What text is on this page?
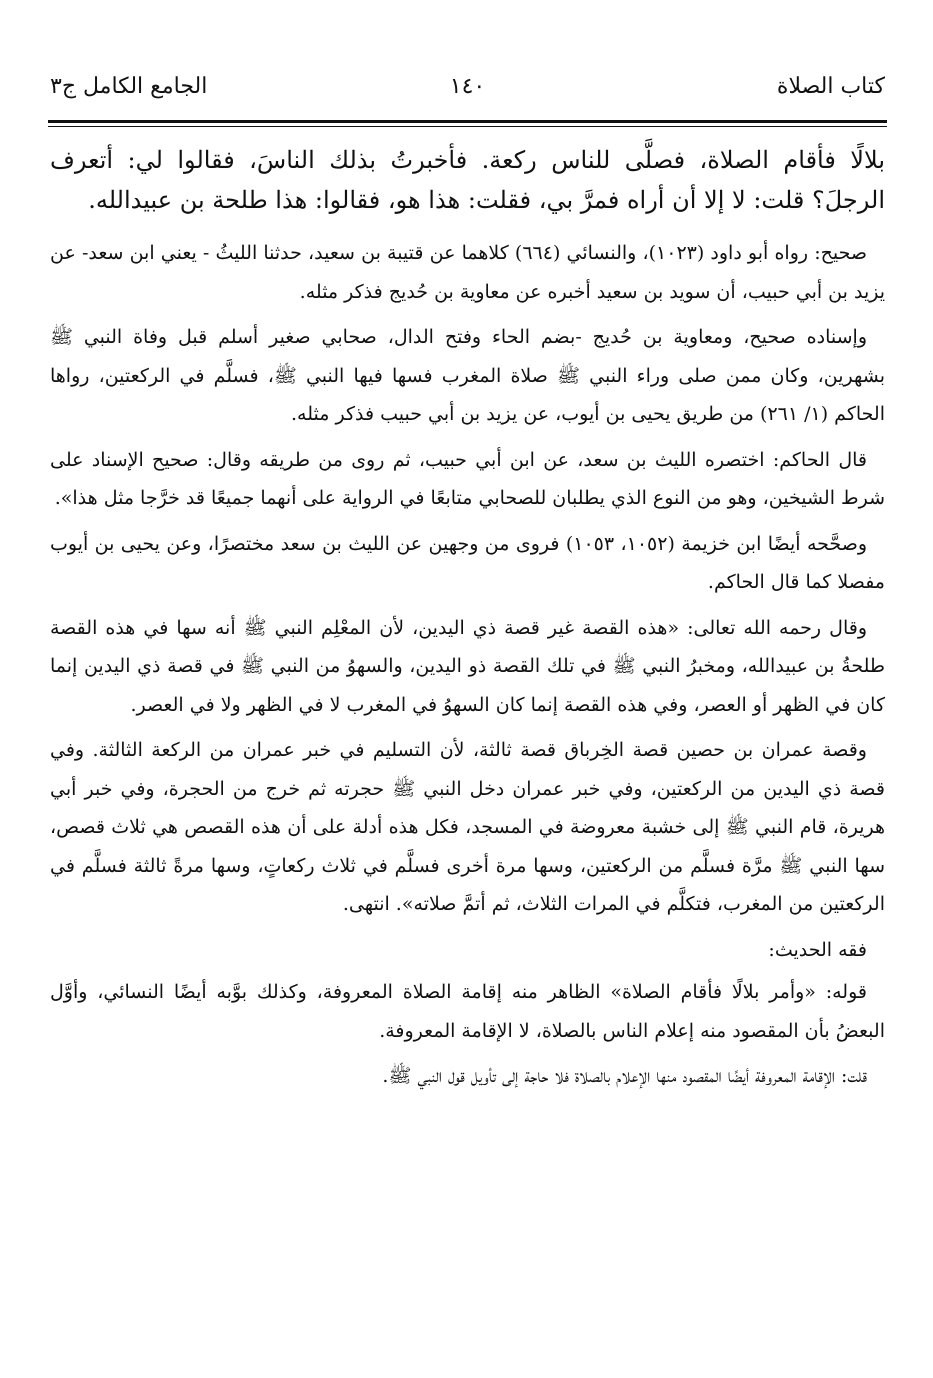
كتاب الصلاة
١٤٠
الجامع الكامل ج٣

بلالًا فأقام الصلاة، فصلَّى للناس ركعة. فأخبرتُ بذلك الناسَ، فقالوا لي: أتعرف الرجلَ؟ قلت: لا إلا أن أراه فمرَّ بي، فقلت: هذا هو، فقالوا: هذا طلحة بن عبيدالله.

صحيح: رواه أبو داود (١٠٢٣)، والنسائي (٦٦٤) كلاهما عن قتيبة بن سعيد، حدثنا الليثُ - يعني ابن سعد- عن يزيد بن أبي حبيب، أن سويد بن سعيد أخبره عن معاوية بن حُديج فذكر مثله.

وإسناده صحيح، ومعاوية بن حُديج -بضم الحاء وفتح الدال، صحابي صغير أسلم قبل وفاة النبي ﷺ بشهرين، وكان ممن صلى وراء النبي ﷺ صلاة المغرب فسها فيها النبي ﷺ، فسلَّم في الركعتين، رواها الحاكم (١/ ٢٦١) من طريق يحيى بن أيوب، عن يزيد بن أبي حبيب فذكر مثله.

قال الحاكم: اختصره الليث بن سعد، عن ابن أبي حبيب، ثم روى من طريقه وقال: صحيح الإسناد على شرط الشيخين، وهو من النوع الذي يطلبان للصحابي متابعًا في الرواية على أنهما جميعًا قد خرَّجا مثل هذا».

وصحَّحه أيضًا ابن خزيمة (١٠٥٢، ١٠٥٣) فروى من وجهين عن الليث بن سعد مختصرًا، وعن يحيى بن أيوب مفصلا كما قال الحاكم.

وقال رحمه الله تعالى: «هذه القصة غير قصة ذي اليدين، لأن المعْلِم النبي ﷺ أنه سها في هذه القصة طلحةُ بن عبيدالله، ومخبرُ النبي ﷺ في تلك القصة ذو اليدين، والسهوُ من النبي ﷺ في قصة ذي اليدين إنما كان في الظهر أو العصر، وفي هذه القصة إنما كان السهوُ في المغرب لا في الظهر ولا في العصر.

وقصة عمران بن حصين قصة الخِرباق قصة ثالثة، لأن التسليم في خبر عمران من الركعة الثالثة. وفي قصة ذي اليدين من الركعتين، وفي خبر عمران دخل النبي ﷺ حجرته ثم خرج من الحجرة، وفي خبر أبي هريرة، قام النبي ﷺ إلى خشبة معروضة في المسجد، فكل هذه أدلة على أن هذه القصص هي ثلاث قصص، سها النبي ﷺ مرَّة فسلَّم من الركعتين، وسها مرة أخرى فسلَّم في ثلاث ركعاتٍ، وسها مرةً ثالثة فسلَّم في الركعتين من المغرب، فتكلَّم في المرات الثلاث، ثم أتمَّ صلاته». انتهى.

فقه الحديث:

قوله: «وأمر بلالًا فأقام الصلاة» الظاهر منه إقامة الصلاة المعروفة، وكذلك بوَّبه أيضًا النسائي، وأوَّل البعضُ بأن المقصود منه إعلام الناس بالصلاة، لا الإقامة المعروفة.

قلت: الإقامة المعروفة أيضًا المقصود منها الإعلام بالصلاة فلا حاجة إلى تأويل قول النبي ﷺ.
